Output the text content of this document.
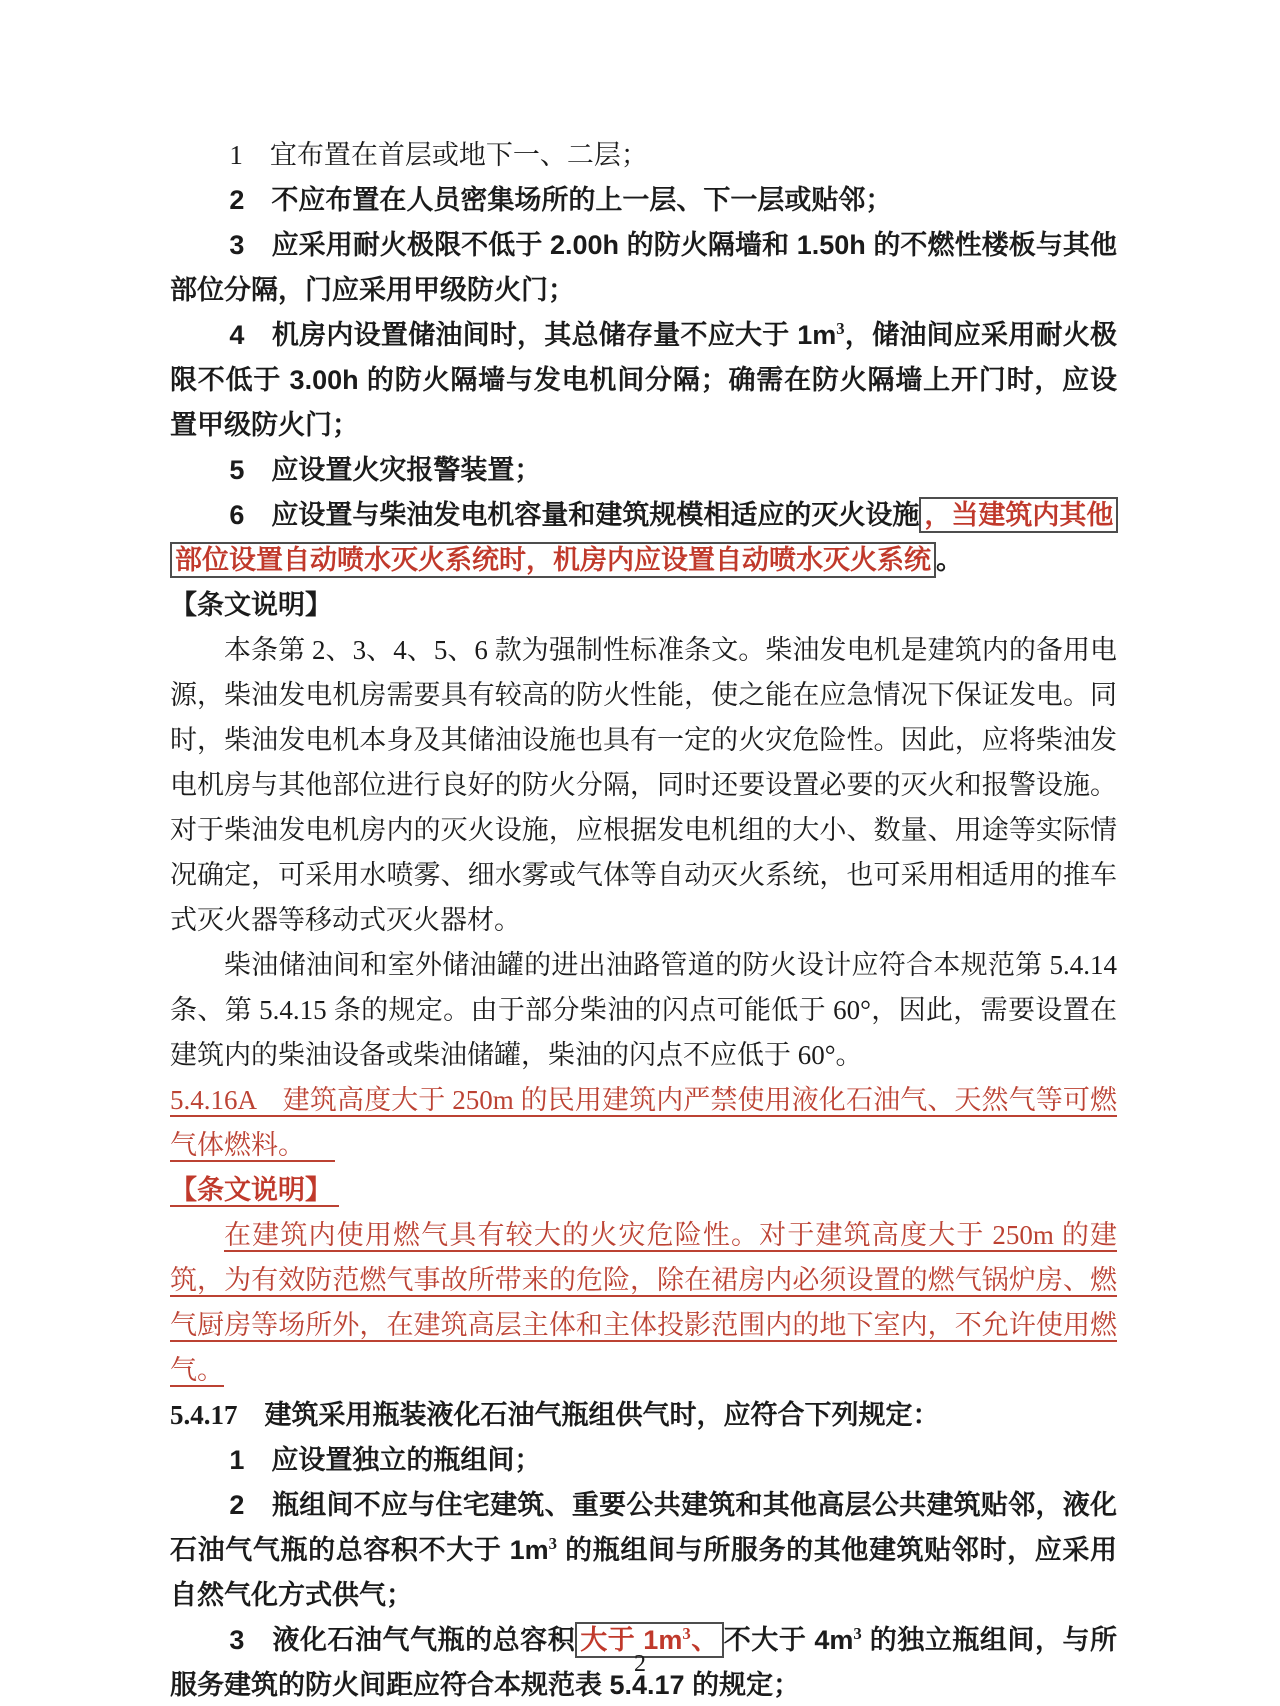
1　宜布置在首层或地下一、二层；

2　不应布置在人员密集场所的上一层、下一层或贴邻；

3　应采用耐火极限不低于 2.00h 的防火隔墙和 1.50h 的不燃性楼板与其他部位分隔，门应采用甲级防火门；

4　机房内设置储油间时，其总储存量不应大于 $1m^3$，储油间应采用耐火极限不低于 3.00h 的防火隔墙与发电机间分隔；确需在防火隔墙上开门时，应设置甲级防火门；

5　应设置火灾报警装置；

6　应设置与柴油发电机容量和建筑规模相适应的灭火设施 ，当建筑内其他部位设置自动喷水灭火系统时，机房内应设置自动喷水灭火系统 。

【条文说明】

本条第 2、3、4、5、6 款为强制性标准条文。柴油发电机是建筑内的备用电源，柴油发电机房需要具有较高的防火性能，使之能在应急情况下保证发电。同时，柴油发电机本身及其储油设施也具有一定的火灾危险性。因此，应将柴油发电机房与其他部位进行良好的防火分隔，同时还要设置必要的灭火和报警设施。对于柴油发电机房内的灭火设施，应根据发电机组的大小、数量、用途等实际情况确定，可采用水喷雾、细水雾或气体等自动灭火系统，也可采用相适用的推车式灭火器等移动式灭火器材。

柴油储油间和室外储油罐的进出油路管道的防火设计应符合本规范第 5.4.14 条、第 5.4.15 条的规定。由于部分柴油的闪点可能低于 60°，因此，需要设置在建筑内的柴油设备或柴油储罐，柴油的闪点不应低于 60°。

5.4.16A　建筑高度大于 250m 的民用建筑内严禁使用液化石油气、天然气等可燃气体燃料。

【条文说明】

在建筑内使用燃气具有较大的火灾危险性。对于建筑高度大于 250m 的建筑，为有效防范燃气事故所带来的危险，除在裙房内必须设置的燃气锅炉房、燃气厨房等场所外，在建筑高层主体和主体投影范围内的地下室内，不允许使用燃气。

5.4.17　建筑采用瓶装液化石油气瓶组供气时，应符合下列规定：

1　应设置独立的瓶组间；

2　瓶组间不应与住宅建筑、重要公共建筑和其他高层公共建筑贴邻，液化石油气气瓶的总容积不大于 $1m^3$ 的瓶组间与所服务的其他建筑贴邻时，应采用自然气化方式供气；

3　液化石油气气瓶的总容积 大于 $1m^3$、 不大于 $4m^3$ 的独立瓶组间，与所服务建筑的防火间距应符合本规范表 5.4.17 的规定；

2
